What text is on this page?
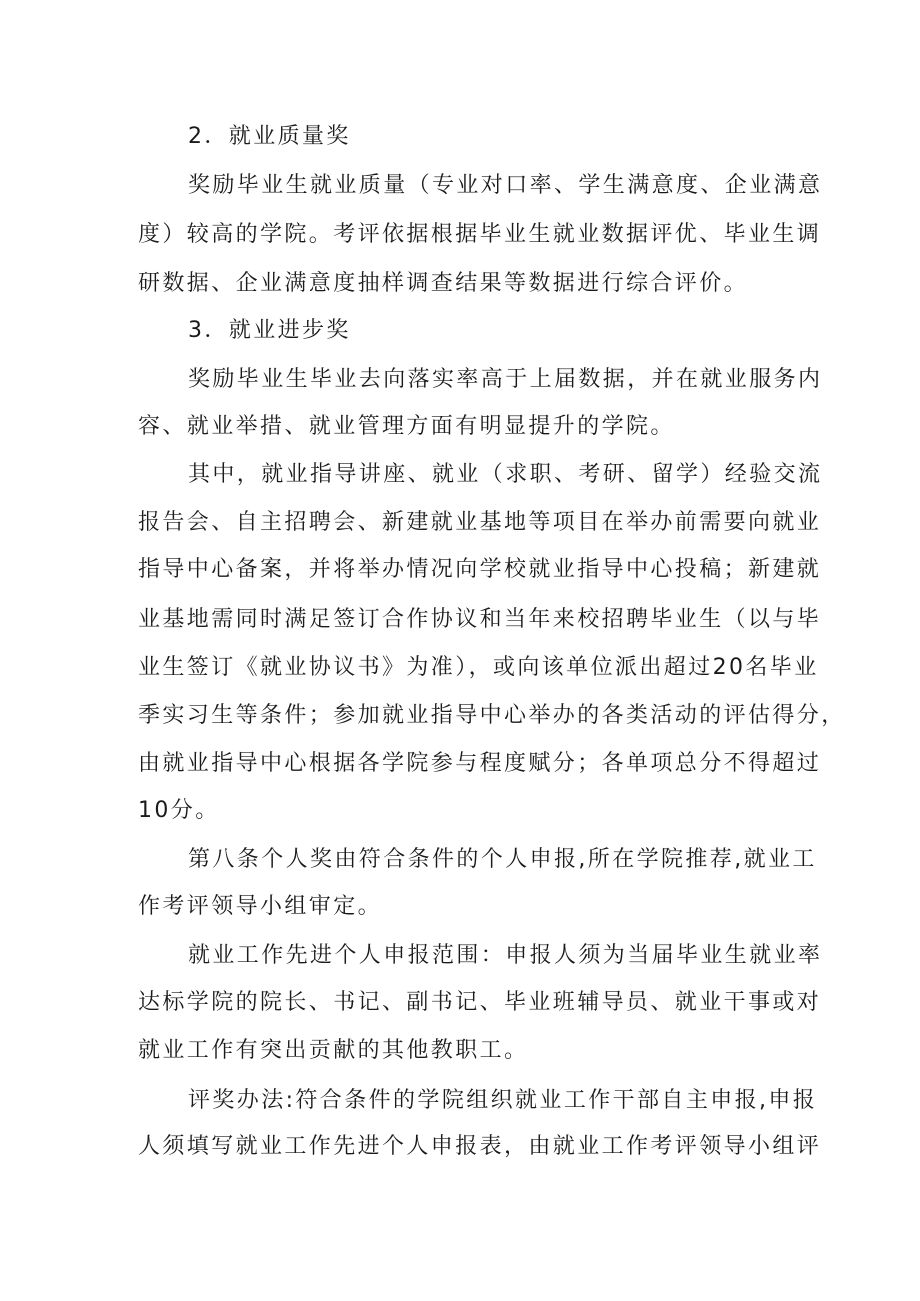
2．就业质量奖
奖励毕业生就业质量（专业对口率、学生满意度、企业满意
度）较高的学院。考评依据根据毕业生就业数据评优、毕业生调
研数据、企业满意度抽样调查结果等数据进行综合评价。
3．就业进步奖
奖励毕业生毕业去向落实率高于上届数据，并在就业服务内
容、就业举措、就业管理方面有明显提升的学院。
其中，就业指导讲座、就业（求职、考研、留学）经验交流
报告会、自主招聘会、新建就业基地等项目在举办前需要向就业
指导中心备案，并将举办情况向学校就业指导中心投稿；新建就
业基地需同时满足签订合作协议和当年来校招聘毕业生（以与毕
业生签订《就业协议书》为准），或向该单位派出超过20名毕业
季实习生等条件；参加就业指导中心举办的各类活动的评估得分，
由就业指导中心根据各学院参与程度赋分；各单项总分不得超过
10分。
第八条个人奖由符合条件的个人申报,所在学院推荐,就业工
作考评领导小组审定。
就业工作先进个人申报范围：申报人须为当届毕业生就业率
达标学院的院长、书记、副书记、毕业班辅导员、就业干事或对
就业工作有突出贡献的其他教职工。
评奖办法:符合条件的学院组织就业工作干部自主申报,申报
人须填写就业工作先进个人申报表，由就业工作考评领导小组评
